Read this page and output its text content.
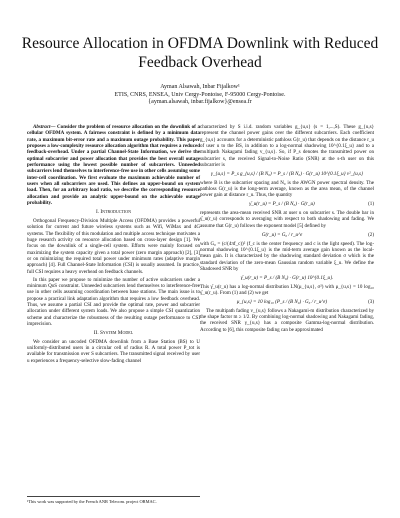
Resource Allocation in OFDMA Downlink with Reduced Feedback Overhead
Ayman Alsawah, Inbar Fijalkow¹
ETIS, CNRS, ENSEA, Univ Cergy-Pontoise, F-95000 Cergy-Pontoise.
{ayman.alsawah, inbar.fijalkow}@ensea.fr

Abstract— Consider the problem of resource allocation on the downlink of a cellular OFDMA system. A fairness constraint is defined by a minimum data rate, a maximum bit-error rate and a maximum outage probability. This paper proposes a low-complexity resource allocation algorithm that requires a reduced feedback-overhead. Under a partial Channel-State Information, we derive the optimal subcarrier and power allocation that provides the best overall outage performance using the lowest possible number of subcarriers. Unneeded subcarriers lend themselves to interference-free use in other cells assuming some inter-cell coordination. We first evaluate the maximum achievable number of users when all subcarriers are used. This defines an upper-bound on system load. Then, for an arbitrary load ratio, we describe the corresponding resource allocation and provide an analytic upper-bound on the achievable outage probability.

I. Introduction

Orthogonal Frequency-Division Multiple Access (OFDMA) provides a powerful solution for current and future wireless systems such as Wifi, WiMax and 4G systems. The flexibility of this modulation and multiple access technique motivates a huge research activity on resource allocation based on cross-layer design [1]. We focus on the downlink of a single-cell system. Efforts were mainly focused on maximizing the system capacity given a total power (zero margin approach) [2], [3] or on minimizing the required total power under minimum rates (adaptive margin approach) [4]. Full Channel-State Information (CSI) is usually assumed. In practice, full CSI requires a heavy overhead on feedback channels.

In this paper we propose to minimize the number of active subcarriers under a minimum QoS constraint. Unneeded subcarriers lend themselves to interference-free use in other cells assuming coordination between base stations. The main issue is to propose a practical link adaptation algorithm that requires a low feedback overhead. Thus, we assume a partial CSI and provide the optimal rate, power and subcarrier allocation under different system loads. We also propose a simple CSI quantization scheme and characterize the robustness of the resulting outage performance to CSI imprecision.

II. System Model

We consider an uncoded OFDMA downlink from a Base Station (BS) to U uniformly-distributed users in a circular cell of radius R. A total power P_tot is available for transmission over S subcarriers. The transmitted signal received by user u experiences a frequency-selective slow-fading channel

¹This work was supported by the French ANR Telecom. project ORMAC.

characterized by S i.i.d. random variables g_{u,s} (s = 1,...,S). These g_{u,s} represent the channel power gains over the different subcarriers. Each coefficient g_{u,s} accounts for a deterministic pathloss G(r_u) that depends on the distance r_u of user u to the BS, in addition to a log-normal shadowing 10^{0.1ξ_u} and to a multipath Nakagami fading v_{u,s}. So, if P_s denotes the transmitted power on subcarrier s, the received Signal-to-Noise Ratio (SNR) at the s-th user on this subcarrier is

γ_{u,s} = P_s g_{u,s} / (B N₀) = P_s / (B N₀) · G(r_u) 10^{0.1ξ_u} v²_{u,s}

where B is the subcarrier spacing and N₀ is the AWGN power spectral density. The pathloss G(r_u) is the long-term average, known as the area mean, of the channel power gain at distance r_u. Thus, the quantity

γ̄_u(r_u) = P_s / (B N₀) · G(r_u)	(1)

represents the area-mean received SNR at user u on subcarrier s. The double bar in γ̄_u(r_u) corresponds to averaging with respect to both shadowing and fading. We assume that G(r_u) follows the exponent model [5] defined by

G(r_u) = G₀ / r_u^ε	(2)

with G₀ = (c/(4πf_c))² (f_c is the center frequency and c is the light speed). The log-normal shadowing 10^{0.1ξ_u} is the mid-term average gain known as the local-mean gain. It is characterized by the shadowing standard deviation σ which is the standard deviation of the zero-mean Gaussian random variable ξ_u. We define the Shadowed SNR by

γ̄_u(r_u) = P_s / (B N₀) · G(r_u) 10^{0.1ξ_u}.

This γ̄_u(r_u) has a log-normal distribution LN(μ_{u,s}, σ²) with μ_{u,s} = 10 log₁₀ γ̄_u(r_u). From (1) and (2) we get

μ_{u,s} = 10 log₁₀ (P_s / (B N₀) · G₀ / r_u^ε)	(3)

The multipath fading v_{u,s} follows a Nakagami-m distribution characterized by the shape factor m ≥ 1/2. By combining log-normal shadowing and Nakagami fading, the received SNR γ_{u,s} has a composite Gamma-log-normal distribution. According to [6], this composite fading can be approximated
